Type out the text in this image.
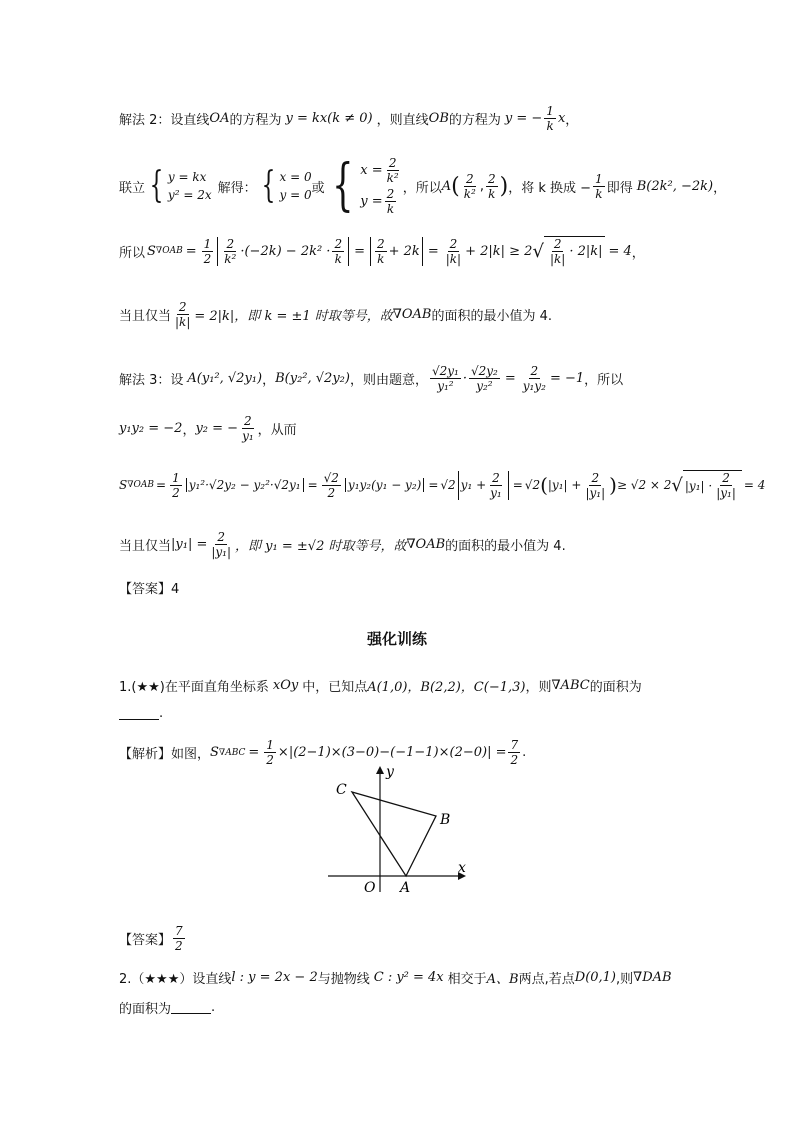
解法 2：设直线 OA 的方程为 y = kx(k ≠ 0) ，则直线 OB 的方程为 y = − $\frac{1}{k}$ x ，
联立 { y = kx
y² = 2x 解得： { x = 0
y = 0 或 { $x = \frac{2}{\text{k²}}$
$y = \frac{2}{k}$ ，所以 A ( $\frac{2}{\text{k²}}$ , $\frac{2}{k}$ ) ，将 k 换成 − $\frac{1}{k}$ 即得 B(2k², −2k) ，
所以 S $\nabla OAB = \frac{1}{2} \frac{2}{\text{k²}} \cdot(-2k) - 2k^2 \cdot \frac{2}{k} = \frac{2}{k} + 2k = \frac{2}{|k|} + 2|k| \ge 2$ √ $\frac{2}{|k|} \cdot 2|k| = 4$ ，
当且仅当 $\frac{2}{|k|} = 2|k|$，即 k = ±1 时取等号，故 ∇OAB 的面积的最小值为 4.
解法 3：设 A(y₁², √2y₁) ， B(y₂², √2y₂) ，则由题意， $\frac{\text{√2y₁}}{\text{y₁²}} \cdot \frac{\text{√2y₂}}{\text{y₂²}} = \frac{2}{\text{y₁y₂}} = -1$ ，所以
y₁y₂ = −2 ， y₂ = − $\frac{2}{\text{y₁}}$ ，从而
S $\nabla OAB = \frac{1}{2} y_1^2\cdot√2y_2 - y_2^2\cdot√2y_1 = \frac{√2}{2} y_1y_2(y_1 - y_2) = √2$ $y_1 + \frac{2}{\text{y₁}} = √2$ ( $|y_1| + \frac{2}{\text{|y₁|}}$ ) ≥ √2 × 2 √ $|y_1| \cdot \frac{2}{\text{|y₁|}} = 4$
当且仅当 $|y_1| = \frac{2}{\text{|y₁|}}$ ，即 y₁ = ±√2 时取等号，故 ∇OAB 的面积的最小值为 4.
【答案】4
强化训练
1.(★★)在平面直角坐标系 xOy 中，已知点 A(1,0)，B(2,2)，C(−1,3) ，则 ∇ABC 的面积为
.
【解析】如图， S $\nabla ABC = \frac{1}{2} \times|(2-1)\times(3-0)-(-1-1)\times(2-0)| = \frac{7}{2}$ .
C
B
O A
x
y
【答案】 $\frac{7}{2}$
2.（★★★）设直线 l : y = 2x − 2 与抛物线 C : y² = 4x 相交于 A、B 两点,若点 D(0,1) ,则 ∇DAB
的面积为	.
